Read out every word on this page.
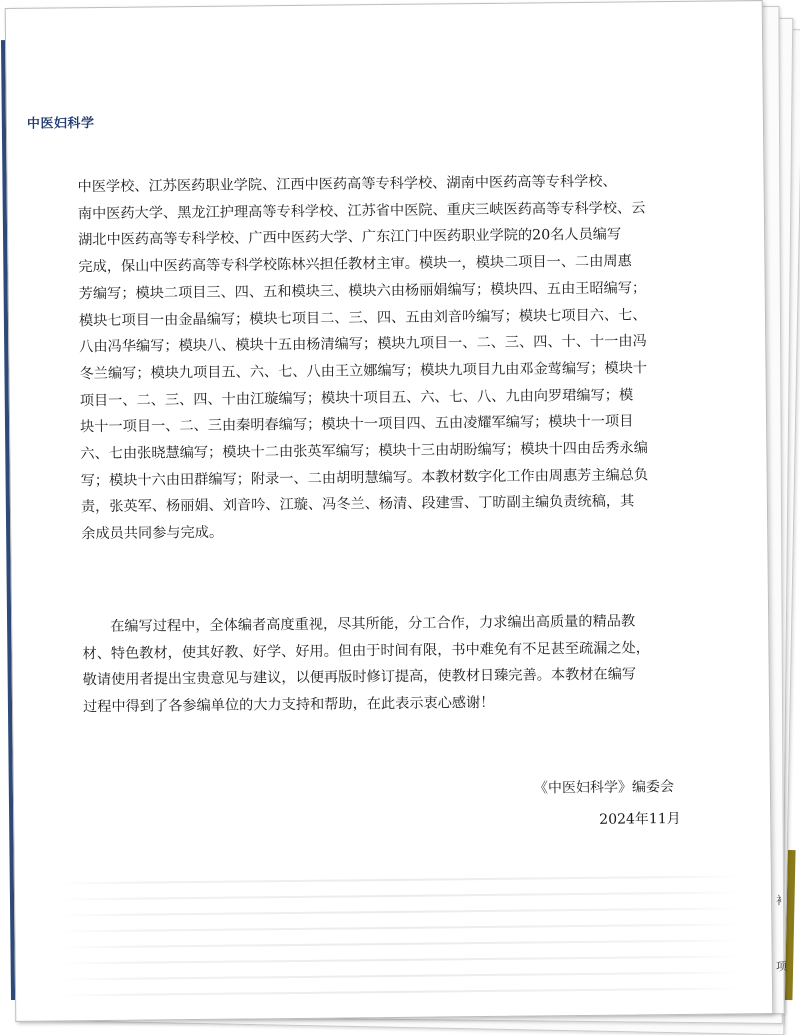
衤
项
中医妇科学

中医学校、江苏医药职业学院、江西中医药高等专科学校、湖南中医药高等专科学校、
南中医药大学、黑龙江护理高等专科学校、江苏省中医院、重庆三峡医药高等专科学校、云
湖北中医药高等专科学校、广西中医药大学、广东江门中医药职业学院的20名人员编写
完成，保山中医药高等专科学校陈林兴担任教材主审。模块一，模块二项目一、二由周惠
芳编写；模块二项目三、四、五和模块三、模块六由杨丽娟编写；模块四、五由王昭编写；
模块七项目一由金晶编写；模块七项目二、三、四、五由刘音吟编写；模块七项目六、七、
八由冯华编写；模块八、模块十五由杨清编写；模块九项目一、二、三、四、十、十一由冯
冬兰编写；模块九项目五、六、七、八由王立娜编写；模块九项目九由邓金莺编写；模块十
项目一、二、三、四、十由江璇编写；模块十项目五、六、七、八、九由向罗珺编写；模
块十一项目一、二、三由秦明春编写；模块十一项目四、五由凌耀军编写；模块十一项目
六、七由张晓慧编写；模块十二由张英军编写；模块十三由胡盼编写；模块十四由岳秀永编
写；模块十六由田群编写；附录一、二由胡明慧编写。本教材数字化工作由周惠芳主编总负
责，张英军、杨丽娟、刘音吟、江璇、冯冬兰、杨清、段建雪、丁昉副主编负责统稿，其
余成员共同参与完成。

在编写过程中，全体编者高度重视，尽其所能，分工合作，力求编出高质量的精品教
材、特色教材，使其好教、好学、好用。但由于时间有限，书中难免有不足甚至疏漏之处，
敬请使用者提出宝贵意见与建议，以便再版时修订提高，使教材日臻完善。本教材在编写
过程中得到了各参编单位的大力支持和帮助，在此表示衷心感谢！

《中医妇科学》编委会
2024年11月
